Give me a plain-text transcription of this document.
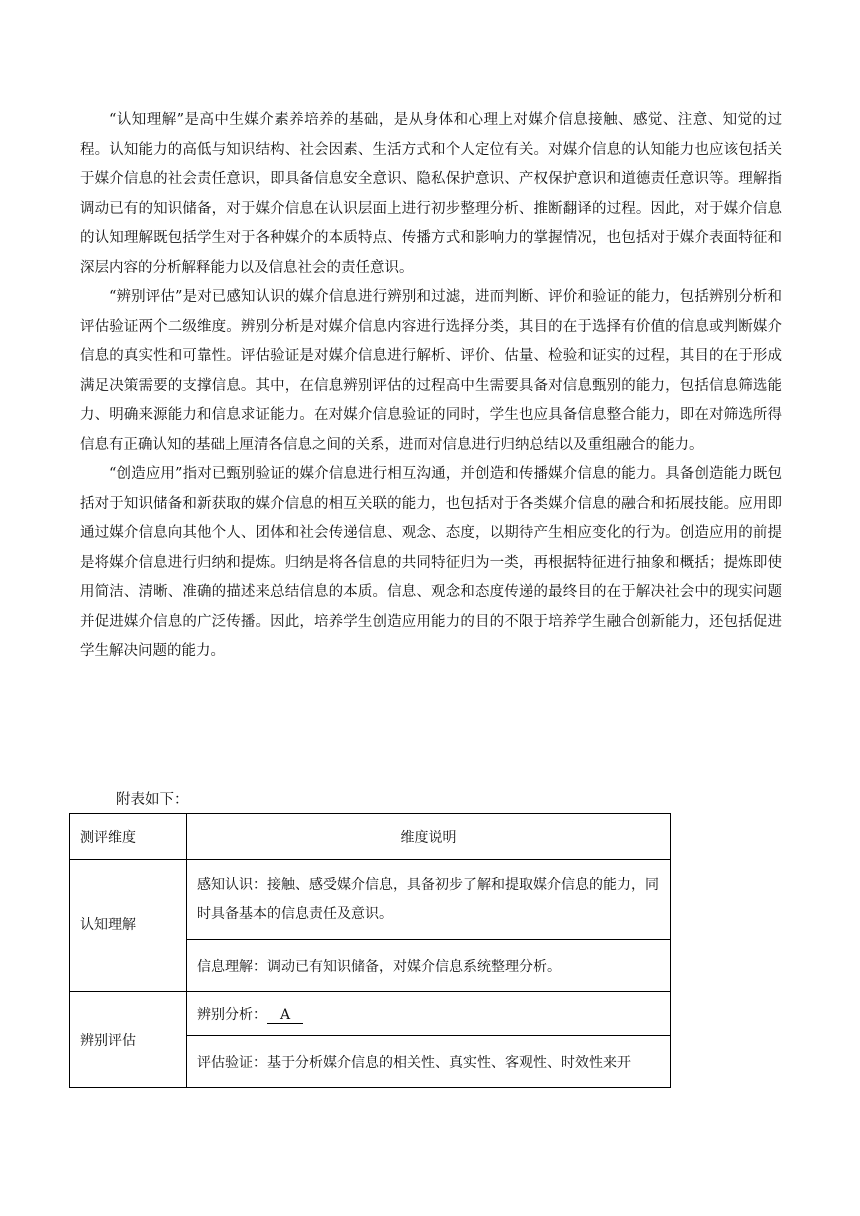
“认知理解”是高中生媒介素养培养的基础，是从身体和心理上对媒介信息接触、感觉、注意、知觉的过程。认知能力的高低与知识结构、社会因素、生活方式和个人定位有关。对媒介信息的认知能力也应该包括关于媒介信息的社会责任意识，即具备信息安全意识、隐私保护意识、产权保护意识和道德责任意识等。理解指调动已有的知识储备，对于媒介信息在认识层面上进行初步整理分析、推断翻译的过程。因此，对于媒介信息的认知理解既包括学生对于各种媒介的本质特点、传播方式和影响力的掌握情况，也包括对于媒介表面特征和深层内容的分析解释能力以及信息社会的责任意识。

“辨别评估”是对已感知认识的媒介信息进行辨别和过滤，进而判断、评价和验证的能力，包括辨别分析和评估验证两个二级维度。辨别分析是对媒介信息内容进行选择分类，其目的在于选择有价值的信息或判断媒介信息的真实性和可靠性。评估验证是对媒介信息进行解析、评价、估量、检验和证实的过程，其目的在于形成满足决策需要的支撑信息。其中，在信息辨别评估的过程高中生需要具备对信息甄别的能力，包括信息筛选能力、明确来源能力和信息求证能力。在对媒介信息验证的同时，学生也应具备信息整合能力，即在对筛选所得信息有正确认知的基础上厘清各信息之间的关系，进而对信息进行归纳总结以及重组融合的能力。

“创造应用”指对已甄别验证的媒介信息进行相互沟通，并创造和传播媒介信息的能力。具备创造能力既包括对于知识储备和新获取的媒介信息的相互关联的能力，也包括对于各类媒介信息的融合和拓展技能。应用即通过媒介信息向其他个人、团体和社会传递信息、观念、态度，以期待产生相应变化的行为。创造应用的前提是将媒介信息进行归纳和提炼。归纳是将各信息的共同特征归为一类，再根据特征进行抽象和概括；提炼即使用简洁、清晰、准确的描述来总结信息的本质。信息、观念和态度传递的最终目的在于解决社会中的现实问题并促进媒介信息的广泛传播。因此，培养学生创造应用能力的目的不限于培养学生融合创新能力，还包括促进学生解决问题的能力。

附表如下：
测评维度	维度说明
认知理解	感知认识：接触、感受媒介信息，具备初步了解和提取媒介信息的能力，同时具备基本的信息责任及意识。
	信息理解：调动已有知识储备，对媒介信息系统整理分析。
辨别评估	辨别分析： A
	评估验证：基于分析媒介信息的相关性、真实性、客观性、时效性来开
